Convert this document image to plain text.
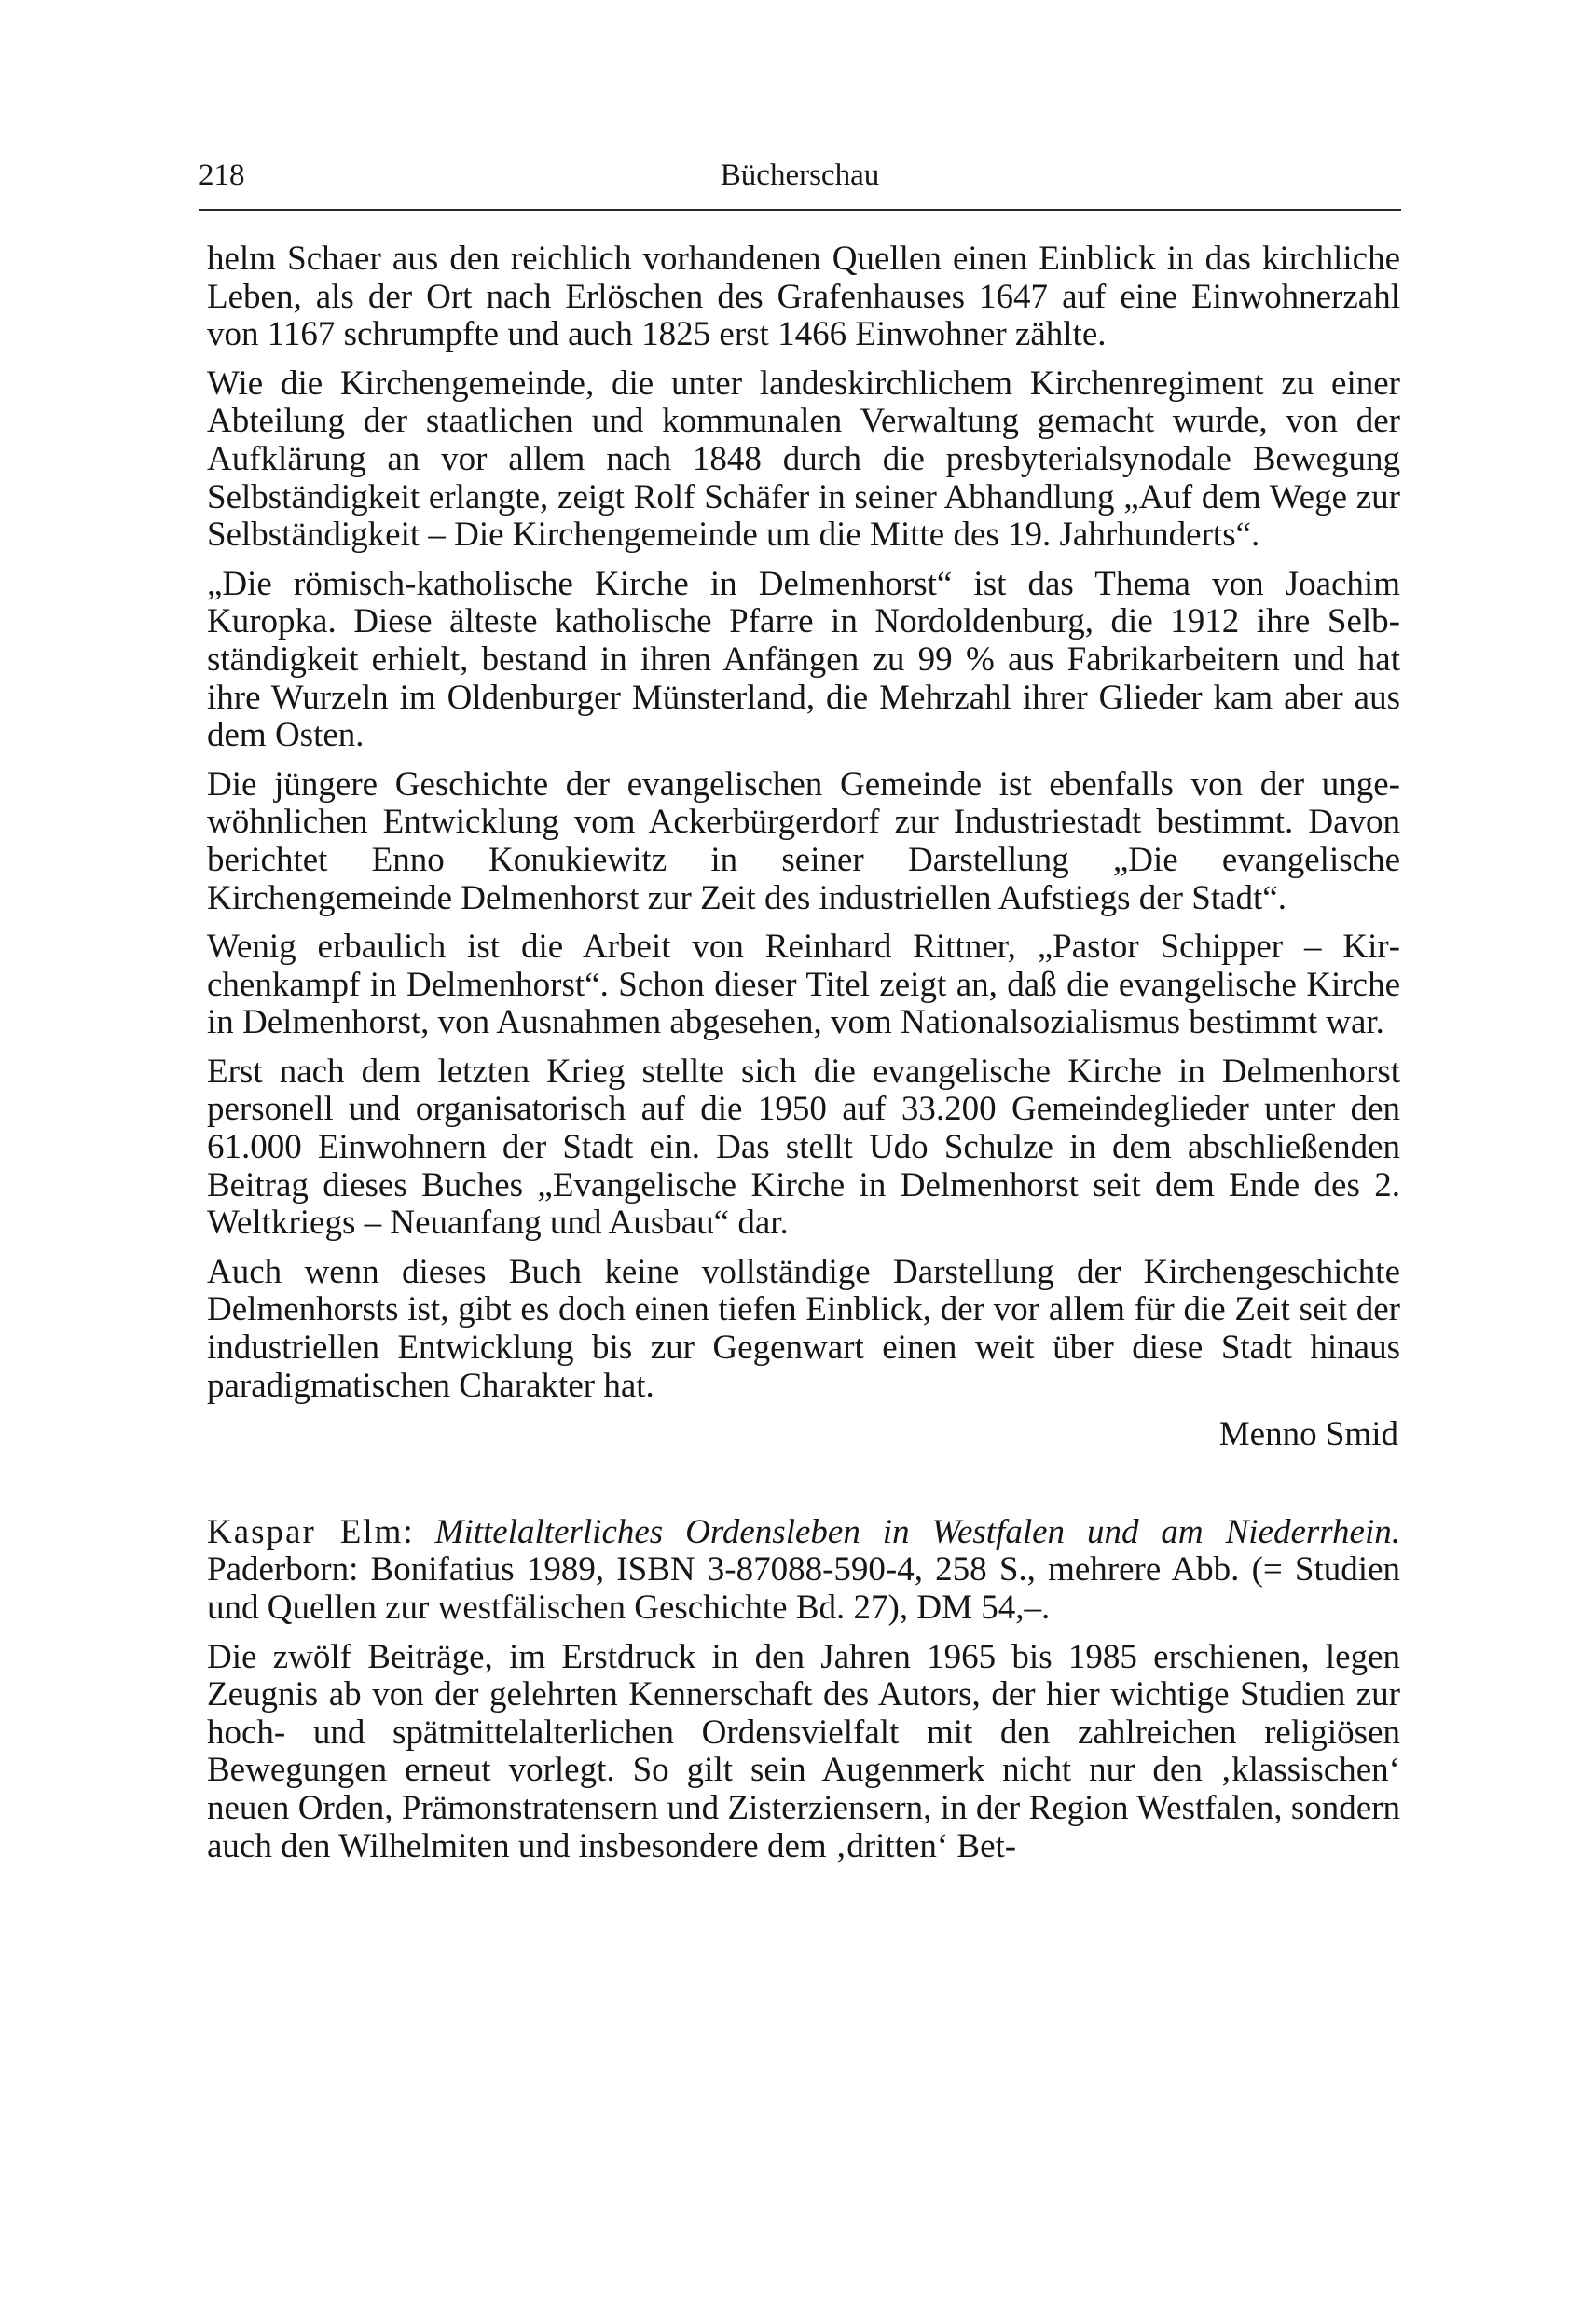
218	Bücherschau

helm Schaer aus den reichlich vorhandenen Quellen einen Einblick in das kirchliche Leben, als der Ort nach Erlöschen des Grafenhauses 1647 auf eine Einwohnerzahl von 1167 schrumpfte und auch 1825 erst 1466 Einwohner zählte.

Wie die Kirchengemeinde, die unter landeskirchlichem Kirchenregiment zu einer Abteilung der staatlichen und kommunalen Verwaltung gemacht wurde, von der Aufklärung an vor allem nach 1848 durch die presbyterialsynodale Bewegung Selbständigkeit erlangte, zeigt Rolf Schäfer in seiner Abhandlung „Auf dem Wege zur Selbständigkeit – Die Kirchengemeinde um die Mitte des 19. Jahrhunderts“.

„Die römisch-katholische Kirche in Delmenhorst“ ist das Thema von Joachim Kuropka. Diese älteste katholische Pfarre in Nordoldenburg, die 1912 ihre Selbständigkeit erhielt, bestand in ihren Anfängen zu 99 % aus Fabrikarbeitern und hat ihre Wurzeln im Oldenburger Münsterland, die Mehrzahl ihrer Glieder kam aber aus dem Osten.

Die jüngere Geschichte der evangelischen Gemeinde ist ebenfalls von der ungewöhnlichen Entwicklung vom Ackerbürgerdorf zur Industriestadt bestimmt. Davon berichtet Enno Konukiewitz in seiner Darstellung „Die evangelische Kirchengemeinde Delmenhorst zur Zeit des industriellen Aufstiegs der Stadt“.

Wenig erbaulich ist die Arbeit von Reinhard Rittner, „Pastor Schipper – Kirchenkampf in Delmenhorst“. Schon dieser Titel zeigt an, daß die evangelische Kirche in Delmenhorst, von Ausnahmen abgesehen, vom Nationalsozialismus bestimmt war.

Erst nach dem letzten Krieg stellte sich die evangelische Kirche in Delmenhorst personell und organisatorisch auf die 1950 auf 33.200 Gemeindeglieder unter den 61.000 Einwohnern der Stadt ein. Das stellt Udo Schulze in dem abschließenden Beitrag dieses Buches „Evangelische Kirche in Delmenhorst seit dem Ende des 2. Weltkriegs – Neuanfang und Ausbau“ dar.

Auch wenn dieses Buch keine vollständige Darstellung der Kirchengeschichte Delmenhorsts ist, gibt es doch einen tiefen Einblick, der vor allem für die Zeit seit der industriellen Entwicklung bis zur Gegenwart einen weit über diese Stadt hinaus paradigmatischen Charakter hat.

Menno Smid

Kaspar Elm: Mittelalterliches Ordensleben in Westfalen und am Niederrhein. Paderborn: Bonifatius 1989, ISBN 3-87088-590-4, 258 S., mehrere Abb. (= Studien und Quellen zur westfälischen Geschichte Bd. 27), DM 54,–.

Die zwölf Beiträge, im Erstdruck in den Jahren 1965 bis 1985 erschienen, legen Zeugnis ab von der gelehrten Kennerschaft des Autors, der hier wichtige Studien zur hoch- und spätmittelalterlichen Ordensvielfalt mit den zahlreichen religiösen Bewegungen erneut vorlegt. So gilt sein Augenmerk nicht nur den ‚klassischen‘ neuen Orden, Prämonstratensern und Zisterziensern, in der Region Westfalen, sondern auch den Wilhelmiten und insbesondere dem ‚dritten‘ Bet-
